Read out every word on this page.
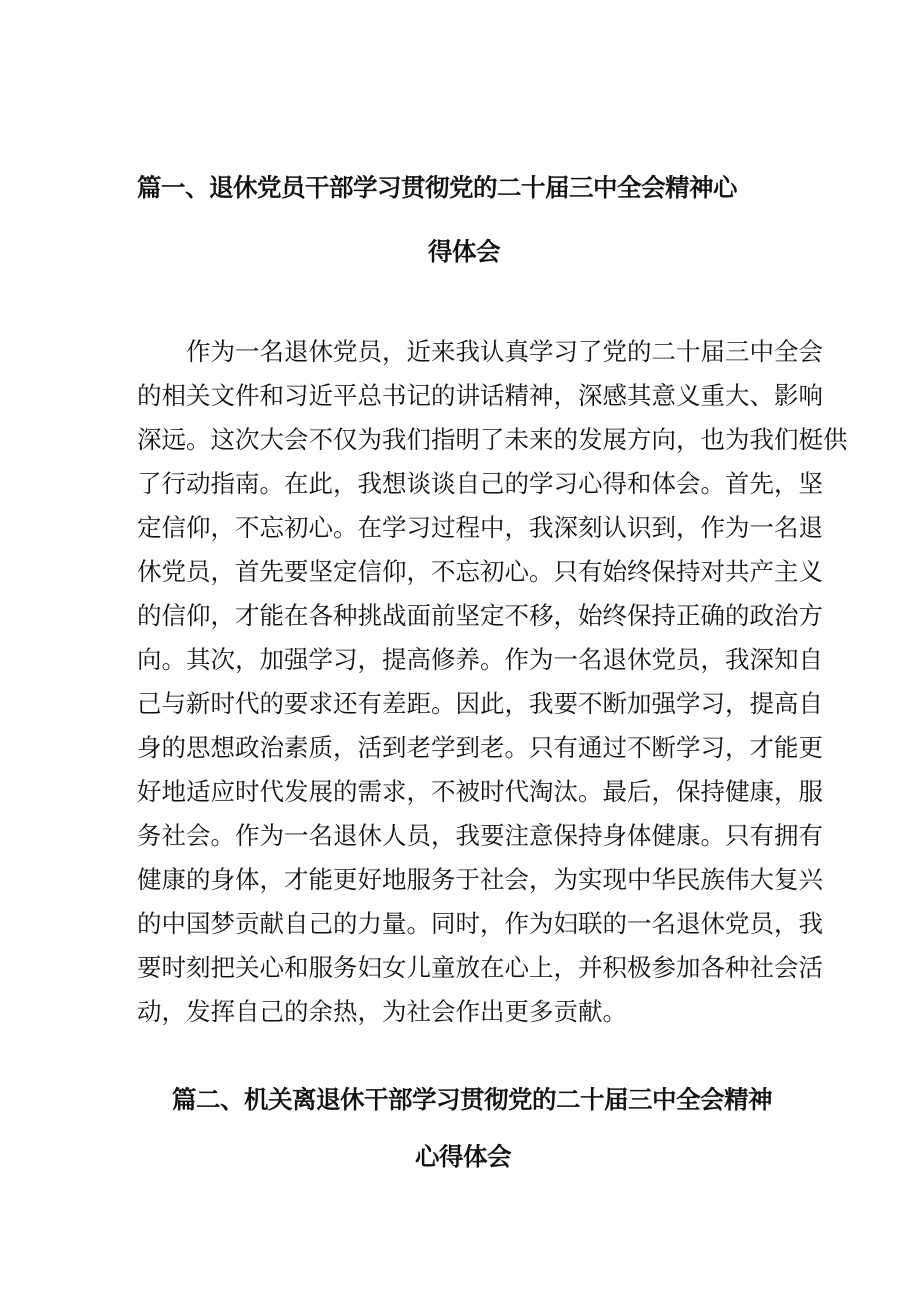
篇一、退休党员干部学习贯彻党的二十届三中全会精神心
得体会
作为一名退休党员，近来我认真学习了党的二十届三中全会
的相关文件和习近平总书记的讲话精神，深感其意义重大、影响
深远。这次大会不仅为我们指明了未来的发展方向，也为我们梃供
了行动指南。在此，我想谈谈自己的学习心得和体会。首先，坚
定信仰，不忘初心。在学习过程中，我深刻认识到，作为一名退
休党员，首先要坚定信仰，不忘初心。只有始终保持对共产主义
的信仰，才能在各种挑战面前坚定不移，始终保持正确的政治方
向。其次，加强学习，提高修养。作为一名退休党员，我深知自
己与新时代的要求还有差距。因此，我要不断加强学习，提高自
身的思想政治素质，活到老学到老。只有通过不断学习，才能更
好地适应时代发展的需求，不被时代淘汰。最后，保持健康，服
务社会。作为一名退休人员，我要注意保持身体健康。只有拥有
健康的身体，才能更好地服务于社会，为实现中华民族伟大复兴
的中国梦贡献自己的力量。同时，作为妇联的一名退休党员，我
要时刻把关心和服务妇女儿童放在心上，并积极参加各种社会活
动，发挥自己的余热，为社会作出更多贡献。
篇二、机关离退休干部学习贯彻党的二十届三中全会精神
心得体会
